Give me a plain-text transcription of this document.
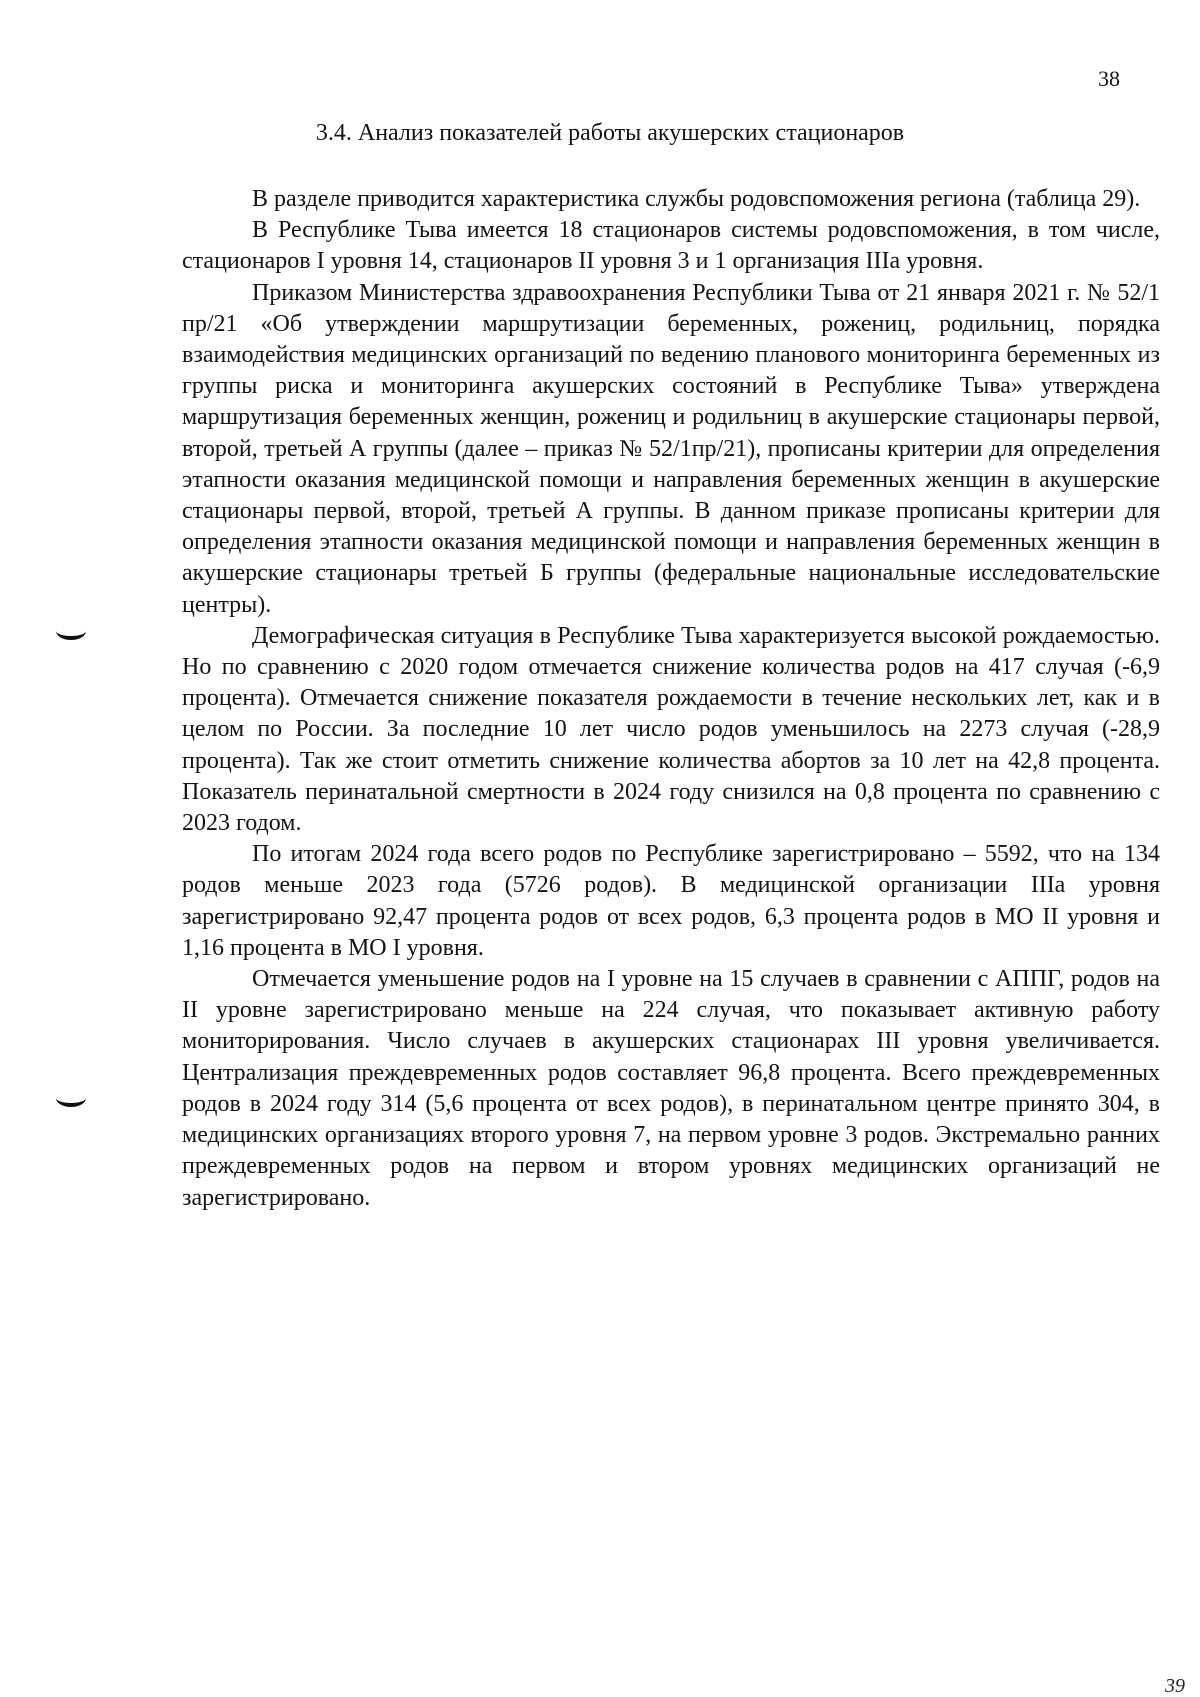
38
3.4. Анализ показателей работы акушерских стационаров

В разделе приводится характеристика службы родовспоможения региона (таблица 29).

В Республике Тыва имеется 18 стационаров системы родовспоможения, в том числе, стационаров I уровня 14, стационаров II уровня 3 и 1 организация IIIа уровня.

Приказом Министерства здравоохранения Республики Тыва от 21 января 2021 г. № 52/1 пр/21 «Об утверждении маршрутизации беременных, рожениц, родильниц, порядка взаимодействия медицинских организаций по ведению планового мониторинга беременных из группы риска и мониторинга акушерских состояний в Республике Тыва» утверждена маршрутизация беременных женщин, рожениц и родильниц в акушерские стационары первой, второй, третьей А группы (далее – приказ № 52/1пр/21), прописаны критерии для определения этапности оказания медицинской помощи и направления беременных женщин в акушерские стационары первой, второй, третьей А группы. В данном приказе прописаны критерии для определения этапности оказания медицинской помощи и направления беременных женщин в акушерские стационары третьей Б группы (федеральные национальные исследовательские центры).

Демографическая ситуация в Республике Тыва характеризуется высокой рождаемостью. Но по сравнению с 2020 годом отмечается снижение количества родов на 417 случая (-6,9 процента). Отмечается снижение показателя рождаемости в течение нескольких лет, как и в целом по России. За последние 10 лет число родов уменьшилось на 2273 случая (-28,9 процента). Так же стоит отметить снижение количества абортов за 10 лет на 42,8 процента. Показатель перинатальной смертности в 2024 году снизился на 0,8 процента по сравнению с 2023 годом.

По итогам 2024 года всего родов по Республике зарегистрировано – 5592, что на 134 родов меньше 2023 года (5726 родов). В медицинской организации IIIа уровня зарегистрировано 92,47 процента родов от всех родов, 6,3 процента родов в МО II уровня и 1,16 процента в МО I уровня.

Отмечается уменьшение родов на I уровне на 15 случаев в сравнении с АППГ, родов на II уровне зарегистрировано меньше на 224 случая, что показывает активную работу мониторирования. Число случаев в акушерских стационарах III уровня увеличивается. Централизация преждевременных родов составляет 96,8 процента. Всего преждевременных родов в 2024 году 314 (5,6 процента от всех родов), в перинатальном центре принято 304, в медицинских организациях второго уровня 7, на первом уровне 3 родов. Экстремально ранних преждевременных родов на первом и втором уровнях медицинских организаций не зарегистрировано.

39
